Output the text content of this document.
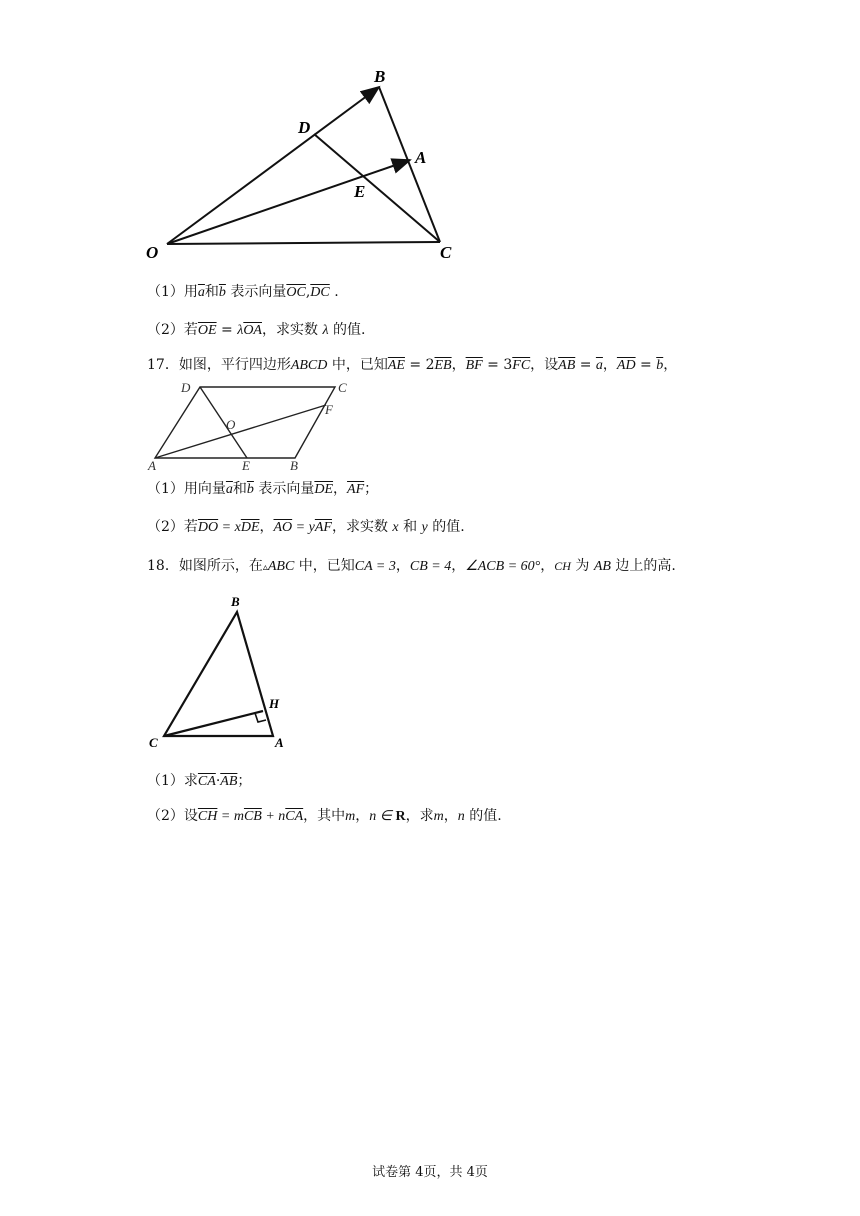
B
D
A
E
O	C
（1）用$\overline{a}$和$\overline{b}$ 表示向量$\overline{OC},\overline{DC}$ .
（2）若$\overline{OE} = \lambda\overline{OA}$，求实数 λ 的值.
17．如图，平行四边形ABCD 中，已知$\overline{AE} = 2\overline{EB}$，$\overline{BF} = 3\overline{FC}$，设$\overline{AB} = \overline{a}$，$\overline{AD} = \overline{b}$，
D	C
F
O
A	E	B
（1）用向量$\overline{a}$和$\overline{b}$ 表示向量$\overline{DE}$，$\overline{AF}$；
（2）若$\overline{DO} = x\overline{DE}$，$\overline{AO} = y\overline{AF}$，求实数 x 和 y 的值.
18．如图所示，在▵ABC 中，已知CA = 3，CB = 4，∠ACB = 60°，CH 为 AB 边上的高.
B
H
C	A
（1）求$\overline{CA}\cdot\overline{AB}$；
（2）设$\overline{CH} = m\overline{CB} + n\overline{CA}$，其中m，n ∈ R，求m，n 的值.
试卷第 4页，共 4页
